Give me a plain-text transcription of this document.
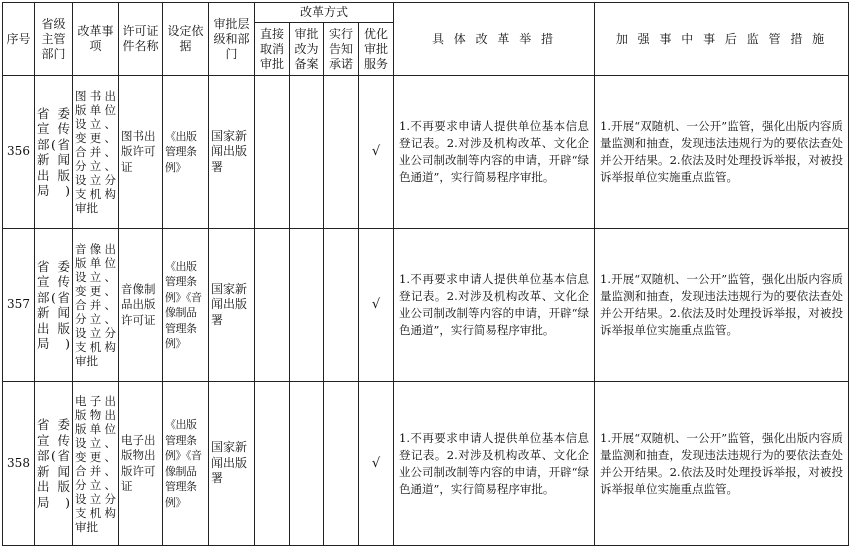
序号	省级主管部门	改革事项	许可证件名称	设定依据	审批层级和部门	改革方式				具 体 改 革 举 措	加 强 事 中 事 后 监 管 措 施
						直接取消审批	审批改为备案	实行告知承诺	优化审批服务		
356	省委宣传部(省新闻出版局)	图书出版单位设立、变更、合并、分立、设立分支机构审批	图书出版许可证	《出版管理条例》	国家新闻出版署				√	1.不再要求申请人提供单位基本信息登记表。2.对涉及机构改革、文化企业公司制改制等内容的申请，开辟“绿色通道”，实行简易程序审批。	1.开展“双随机、一公开”监管，强化出版内容质量监测和抽查，发现违法违规行为的要依法查处并公开结果。2.依法及时处理投诉举报，对被投诉举报单位实施重点监管。
357	省委宣传部(省新闻出版局)	音像出版单位设立、变更、合并、分立、设立分支机构审批	音像制品出版许可证	《出版管理条例》《音像制品管理条例》	国家新闻出版署				√	1.不再要求申请人提供单位基本信息登记表。2.对涉及机构改革、文化企业公司制改制等内容的申请，开辟“绿色通道”，实行简易程序审批。	1.开展“双随机、一公开”监管，强化出版内容质量监测和抽查，发现违法违规行为的要依法查处并公开结果。2.依法及时处理投诉举报，对被投诉举报单位实施重点监管。
358	省委宣传部(省新闻出版局)	电子出版物出版单位设立、变更、合并、分立、设立分支机构审批	电子出版物出版许可证	《出版管理条例》《音像制品管理条例》	国家新闻出版署				√	1.不再要求申请人提供单位基本信息登记表。2.对涉及机构改革、文化企业公司制改制等内容的申请，开辟“绿色通道”，实行简易程序审批。	1.开展“双随机、一公开”监管，强化出版内容质量监测和抽查，发现违法违规行为的要依法查处并公开结果。2.依法及时处理投诉举报，对被投诉举报单位实施重点监管。
